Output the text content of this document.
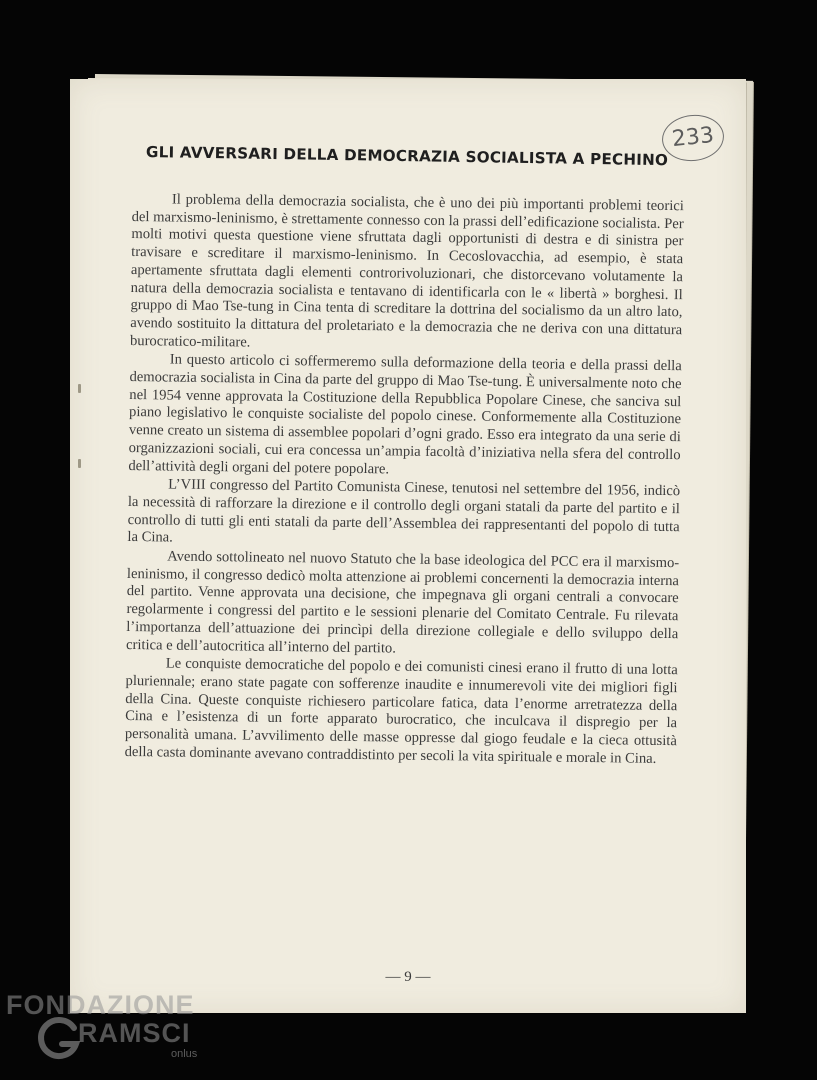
233
GLI AVVERSARI DELLA DEMOCRAZIA SOCIALISTA A PECHINO

Il problema della democrazia socialista, che è uno dei più importanti problemi teorici del marxismo-leninismo, è strettamente connesso con la prassi dell’edificazione socialista. Per molti motivi questa questione viene sfruttata dagli opportunisti di destra e di sinistra per travisare e screditare il marxismo-leninismo. In Cecoslovacchia, ad esempio, è stata apertamente sfruttata dagli elementi controrivoluzionari, che distorcevano volutamente la natura della democrazia socialista e tentavano di identificarla con le « libertà » borghesi. Il gruppo di Mao Tse-tung in Cina tenta di screditare la dottrina del socialismo da un altro lato, avendo sostituito la dittatura del proletariato e la democrazia che ne deriva con una dittatura burocratico-militare.

In questo articolo ci soffermeremo sulla deformazione della teoria e della prassi della democrazia socialista in Cina da parte del gruppo di Mao Tse-tung. È universalmente noto che nel 1954 venne approvata la Costituzione della Repubblica Popolare Cinese, che sanciva sul piano legislativo le conquiste socialiste del popolo cinese. Conformemente alla Costituzione venne creato un sistema di assemblee popolari d’ogni grado. Esso era integrato da una serie di organizzazioni sociali, cui era concessa un’ampia facoltà d’iniziativa nella sfera del controllo dell’attività degli organi del potere popolare.

L’VIII congresso del Partito Comunista Cinese, tenutosi nel settembre del 1956, indicò la necessità di rafforzare la direzione e il controllo degli organi statali da parte del partito e il controllo di tutti gli enti statali da parte dell’Assemblea dei rappresentanti del popolo di tutta la Cina.

Avendo sottolineato nel nuovo Statuto che la base ideologica del PCC era il marxismo-leninismo, il congresso dedicò molta attenzione ai problemi concernenti la democrazia interna del partito. Venne approvata una decisione, che impegnava gli organi centrali a convocare regolarmente i congressi del partito e le sessioni plenarie del Comitato Centrale. Fu rilevata l’importanza dell’attuazione dei princìpi della direzione collegiale e dello sviluppo della critica e dell’autocritica all’interno del partito.

Le conquiste democratiche del popolo e dei comunisti cinesi erano il frutto di una lotta pluriennale; erano state pagate con sofferenze inaudite e innumerevoli vite dei migliori figli della Cina. Queste conquiste richiesero particolare fatica, data l’enorme arretratezza della Cina e l’esistenza di un forte apparato burocratico, che inculcava il dispregio per la personalità umana. L’avvilimento delle masse oppresse dal giogo feudale e la cieca ottusità della casta dominante avevano contraddistinto per secoli la vita spirituale e morale in Cina.

— 9 —
FONDAZIONE
RAMSCI
onlus
